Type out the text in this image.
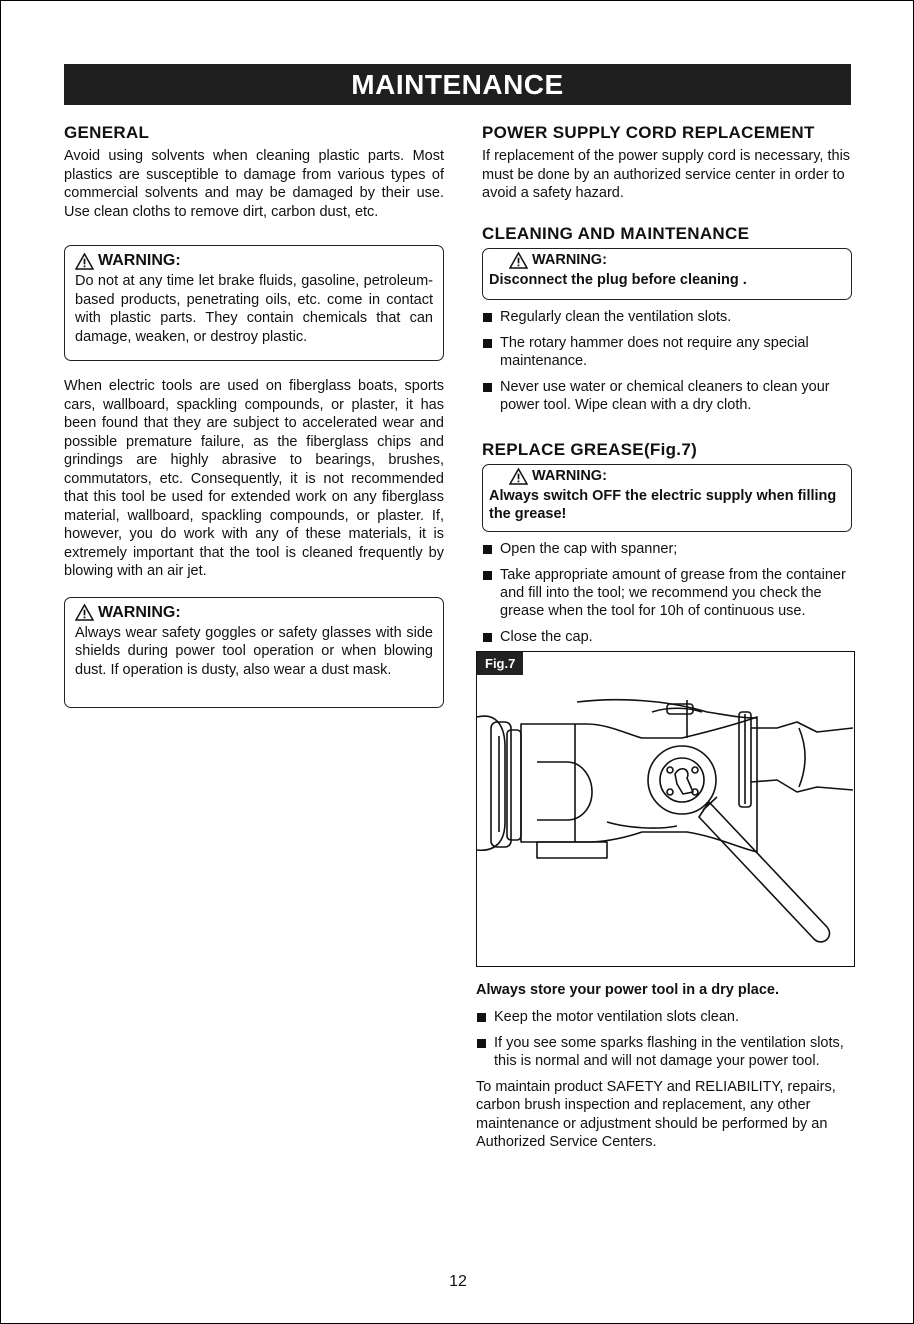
MAINTENANCE
GENERAL

Avoid using solvents when cleaning plastic parts. Most plastics are susceptible to damage from various types of commercial solvents and may be damaged by their use. Use clean cloths to remove dirt, carbon dust, etc.

WARNING:

Do not at any time let brake fluids, gasoline, petroleum-based products, penetrating oils, etc. come in contact with plastic parts. They contain chemicals that can damage, weaken, or destroy plastic.

When electric tools are used on fiberglass boats, sports cars, wallboard, spackling compounds, or plaster, it has been found that they are subject to accelerated wear and possible premature failure, as the fiberglass chips and grindings are highly abrasive to bearings, brushes, commutators, etc. Consequently, it is not recommended that this tool be used for extended work on any fiberglass material, wallboard, spackling compounds, or plaster. If, however, you do work with any of these materials, it is extremely important that the tool is cleaned frequently by blowing with an air jet.

WARNING:

Always wear safety goggles or safety glasses with side shields during power tool operation or when blowing dust. If operation is dusty, also wear a dust mask.

POWER SUPPLY CORD REPLACEMENT

If replacement of the power supply cord is necessary, this must be done by an authorized service center in order to avoid a safety hazard.

CLEANING AND MAINTENANCE
WARNING:

Disconnect the plug before cleaning .

Regularly clean the ventilation slots.
The rotary hammer does not require any special maintenance.
Never use water or chemical cleaners to clean your power tool. Wipe clean with a dry cloth.
REPLACE GREASE(Fig.7)
WARNING:

Always switch OFF the electric supply when filling the grease!

Open the cap with spanner;
Take appropriate amount of grease from the container and fill into the tool; we recommend you check the grease when the tool for 10h of continuous use.
Close the cap.
Fig.7

Always store your power tool in a dry place.

Keep the motor ventilation slots clean.
If you see some sparks flashing in the ventilation slots, this is normal and will not damage your power tool.

To maintain product SAFETY and RELIABILITY, repairs, carbon brush inspection and replacement, any other maintenance or adjustment should be performed by an Authorized Service Centers.

12
